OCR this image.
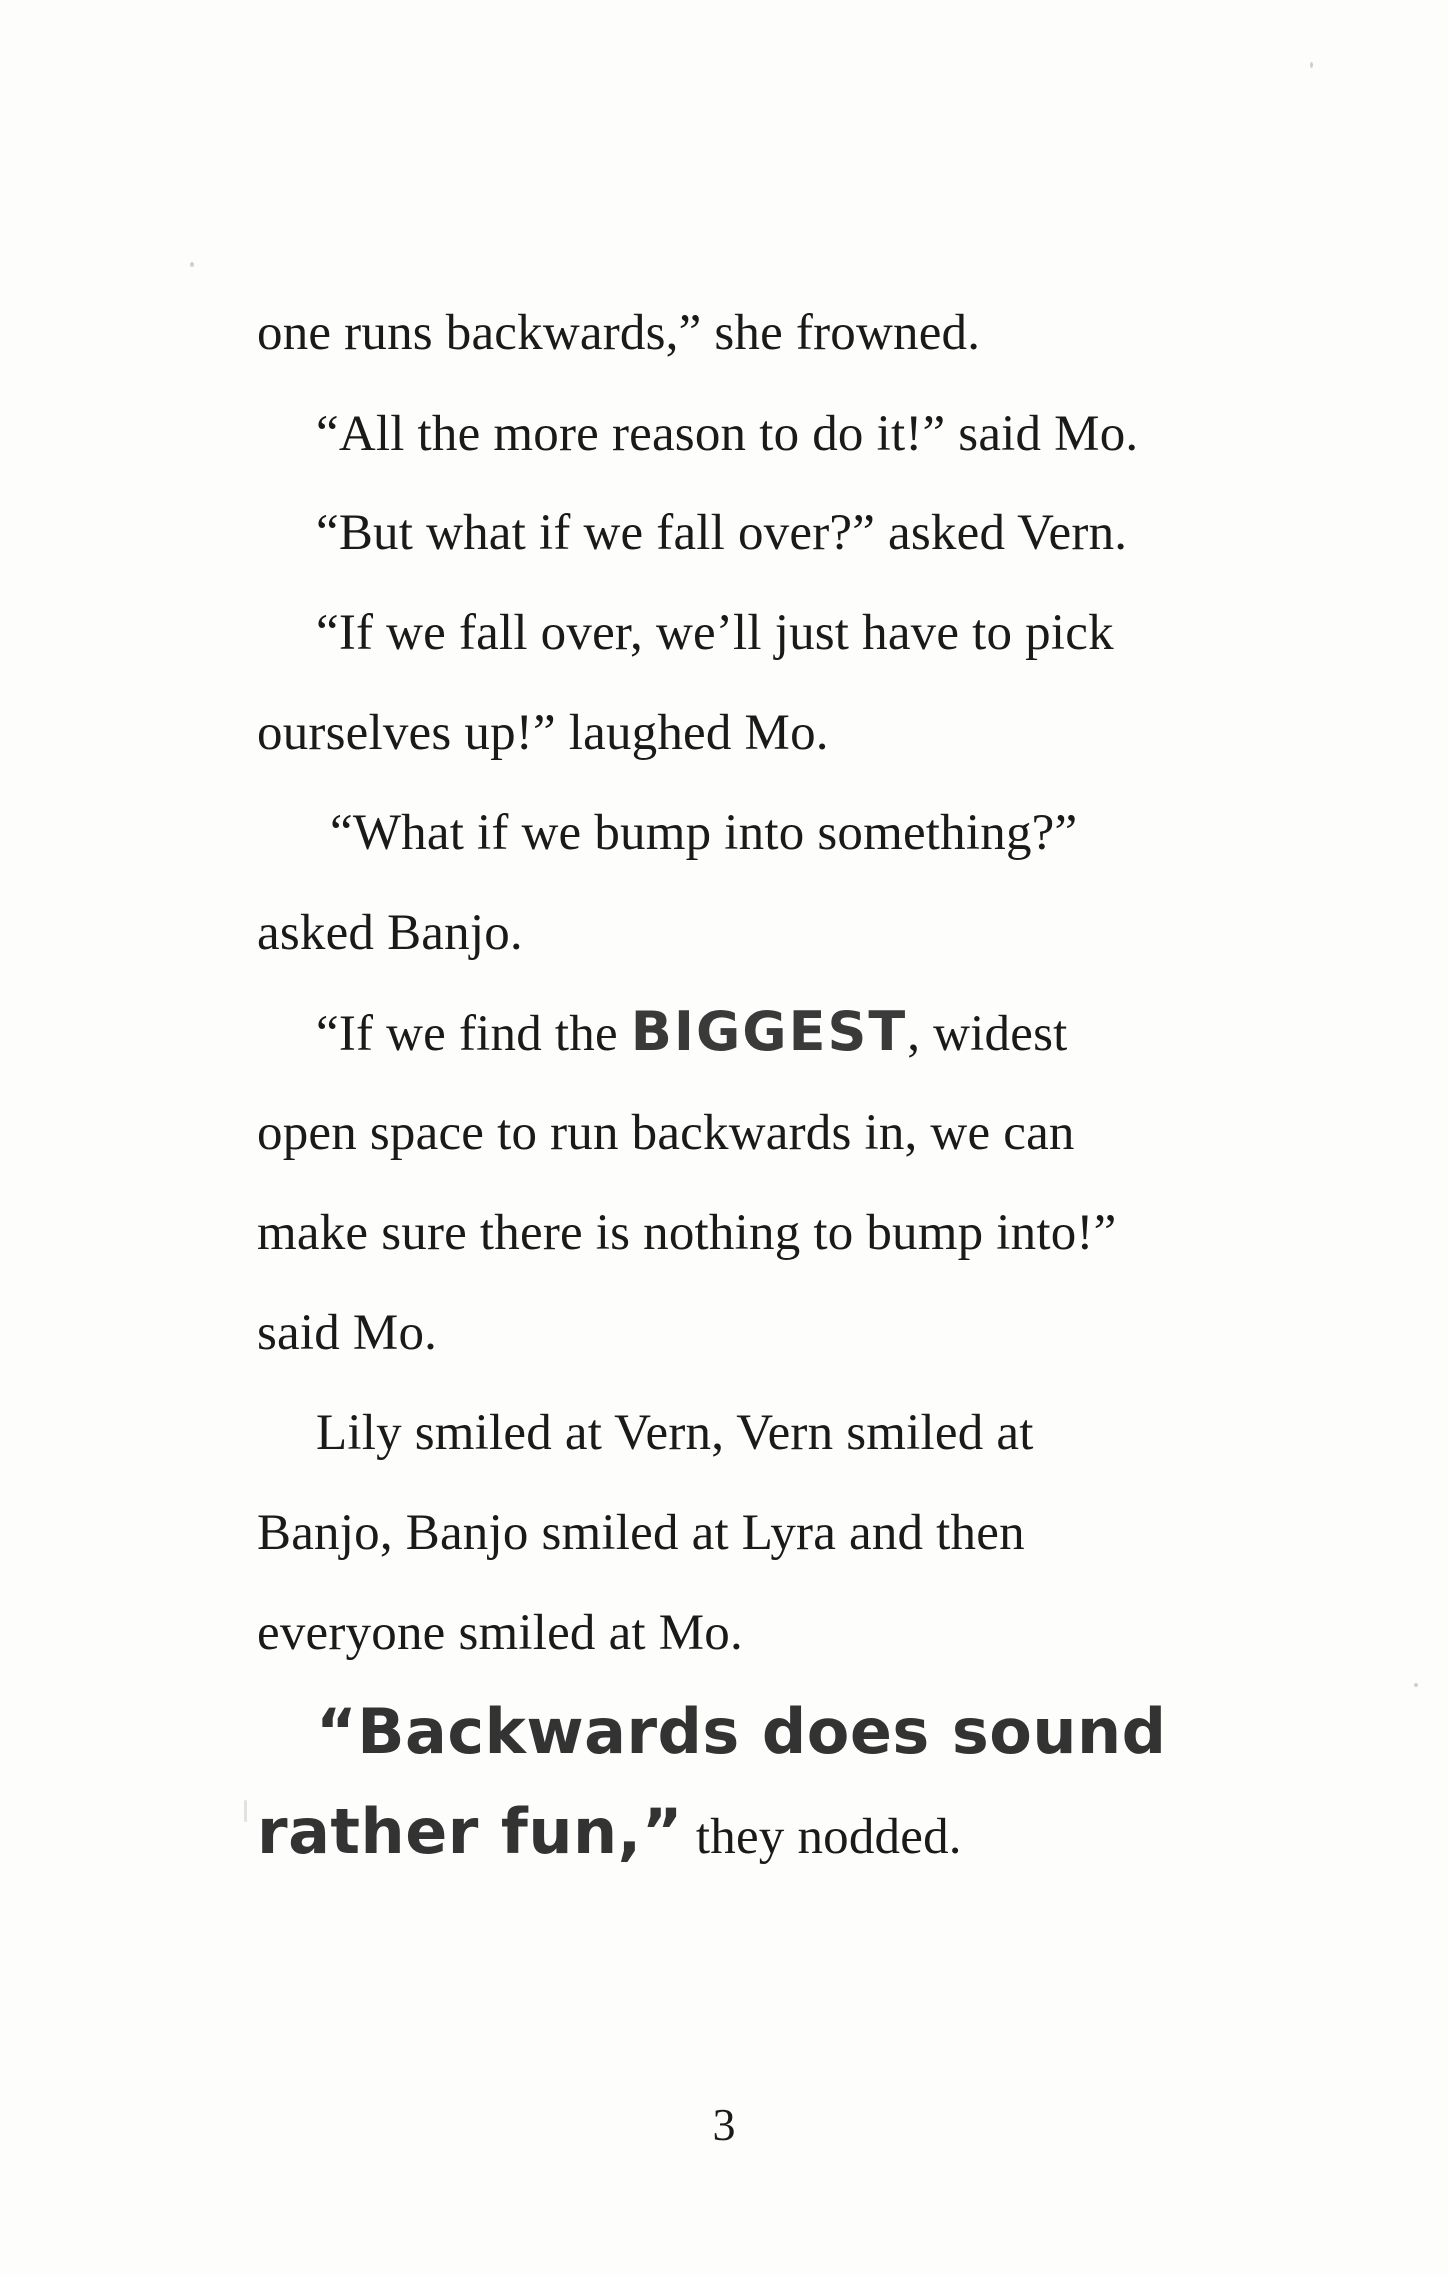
one runs backwards,” she frowned.
“All the more reason to do it!” said Mo.
“But what if we fall over?” asked Vern.
“If we fall over, we’ll just have to pick
ourselves up!” laughed Mo.
“What if we bump into something?”
asked Banjo.
“If we find the BIGGEST, widest
open space to run backwards in, we can
make sure there is nothing to bump into!”
said Mo.
Lily smiled at Vern, Vern smiled at
Banjo, Banjo smiled at Lyra and then
everyone smiled at Mo.
“Backwards does sound
rather fun,” they nodded.
3
